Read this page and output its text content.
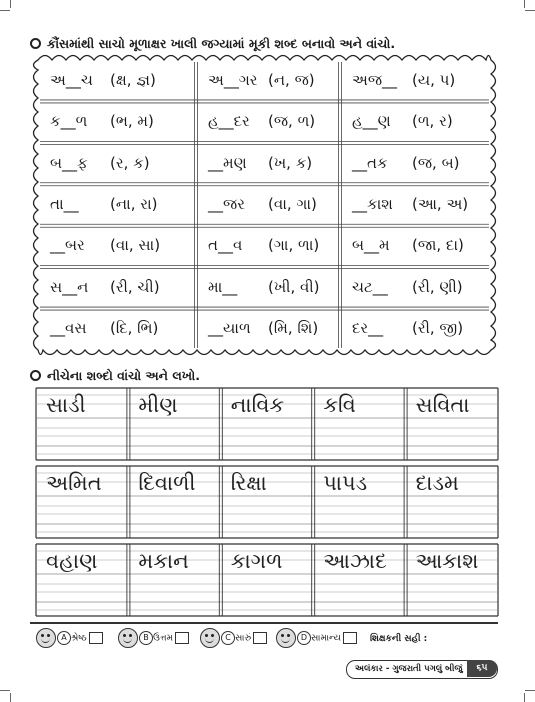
કૌંસમાંથી સાચો મૂળાક્ષર ખાલી જગ્યામાં મૂકી શબ્દ બનાવો અને વાંચો.
અ__ચ (ક્ષ, જ્ઞ)	અ__ગર (ન, જ) અજ__ (ય, પ)
ક__ળ (ભ, મ)	હ__દર (જ, ળ) હ__ણ (ળ, ર)
બ__ફ (ર, ક)	__મણ (ખ, ક)	__તક (જ, બ)
તા__ (ના, રા)	__જર (વા, ગા) __કાશ (આ, અ)
__બર (વા, સા)	ત__વ (ગા, ળા) બ__મ (જા, દા)
સ__ન (રી, ચી)	મા__ (ખી, વી) ચટ__ (રી, ણી)
__વસ (દિ, ભિ)	__યાળ (મિ, શિ) દર__ (રી, જી)
નીચેના શબ્દો વાંચો અને લખો.
સાડી	મીણ	નાવિક કવિ	સવિતા
અમિત દિવાળી રિક્ષા	પાપડ દાડમ
વહાણ મકાન કાગળ આઝાદ આકાશ
A શ્રેષ્ઠ	B ઉત્તમ	C સારું	D સામાન્ય	શિક્ષકની સહી :
અલંકાર - ગુજરાતી પગલું બીજું	૬૫
